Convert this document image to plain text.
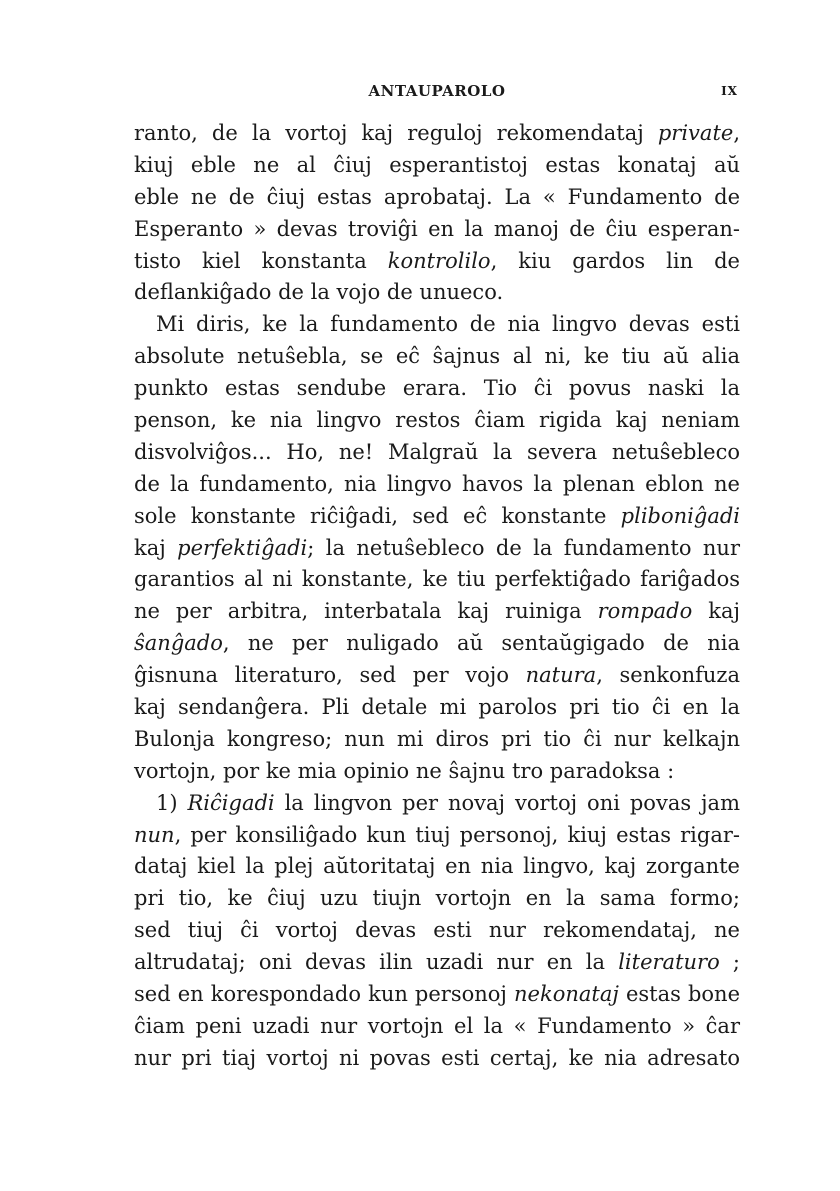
ANTAUPAROLO	IX
ranto, de la vortoj kaj reguloj rekomendataj private,
kiuj eble ne al ĉiuj esperantistoj estas konataj aŭ
eble ne de ĉiuj estas aprobataj. La « Fundamento de
Esperanto » devas troviĝi en la manoj de ĉiu esperan-
tisto kiel konstanta kontrolilo, kiu gardos lin de
deflankiĝado de la vojo de unueco.
Mi diris, ke la fundamento de nia lingvo devas esti
absolute netuŝebla, se eĉ ŝajnus al ni, ke tiu aŭ alia
punkto estas sendube erara. Tio ĉi povus naski la
penson, ke nia lingvo restos ĉiam rigida kaj neniam
disvolviĝos... Ho, ne! Malgraŭ la severa netuŝebleco
de la fundamento, nia lingvo havos la plenan eblon ne
sole konstante riĉiĝadi, sed eĉ konstante pliboniĝadi
kaj perfektiĝadi; la netuŝebleco de la fundamento nur
garantios al ni konstante, ke tiu perfektiĝado fariĝados
ne per arbitra, interbatala kaj ruiniga rompado kaj
ŝanĝado, ne per nuligado aŭ sentaŭgigado de nia
ĝisnuna literaturo, sed per vojo natura, senkonfuza
kaj sendanĝera. Pli detale mi parolos pri tio ĉi en la
Bulonja kongreso; nun mi diros pri tio ĉi nur kelkajn
vortojn, por ke mia opinio ne ŝajnu tro paradoksa :
1) Riĉigadi la lingvon per novaj vortoj oni povas jam
nun, per konsiliĝado kun tiuj personoj, kiuj estas rigar-
dataj kiel la plej aŭtoritataj en nia lingvo, kaj zorgante
pri tio, ke ĉiuj uzu tiujn vortojn en la sama formo;
sed tiuj ĉi vortoj devas esti nur rekomendataj, ne
altrudataj; oni devas ilin uzadi nur en la literaturo ;
sed en korespondado kun personoj nekonataj estas bone
ĉiam peni uzadi nur vortojn el la « Fundamento » ĉar
nur pri tiaj vortoj ni povas esti certaj, ke nia adresato
